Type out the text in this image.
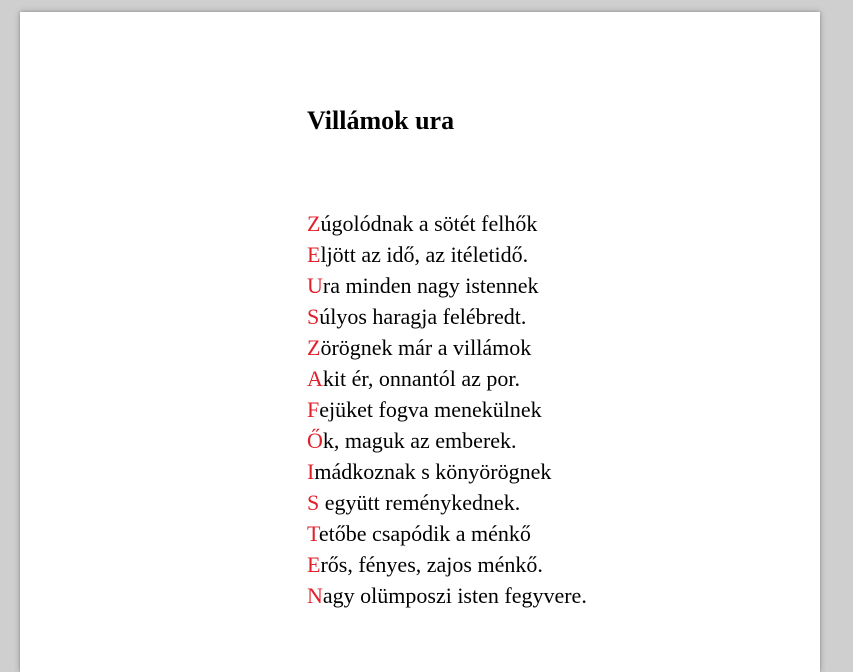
Villámok ura
Zúgolódnak a sötét felhők
Eljött az idő, az itéletidő.
Ura minden nagy istennek
Súlyos haragja felébredt.
Zörögnek már a villámok
Akit ér, onnantól az por.
Fejüket fogva menekülnek
Ők, maguk az emberek.
Imádkoznak s könyörögnek
S együtt reménykednek.
Tetőbe csapódik a ménkő
Erős, fényes, zajos ménkő.
Nagy olümposzi isten fegyvere.
